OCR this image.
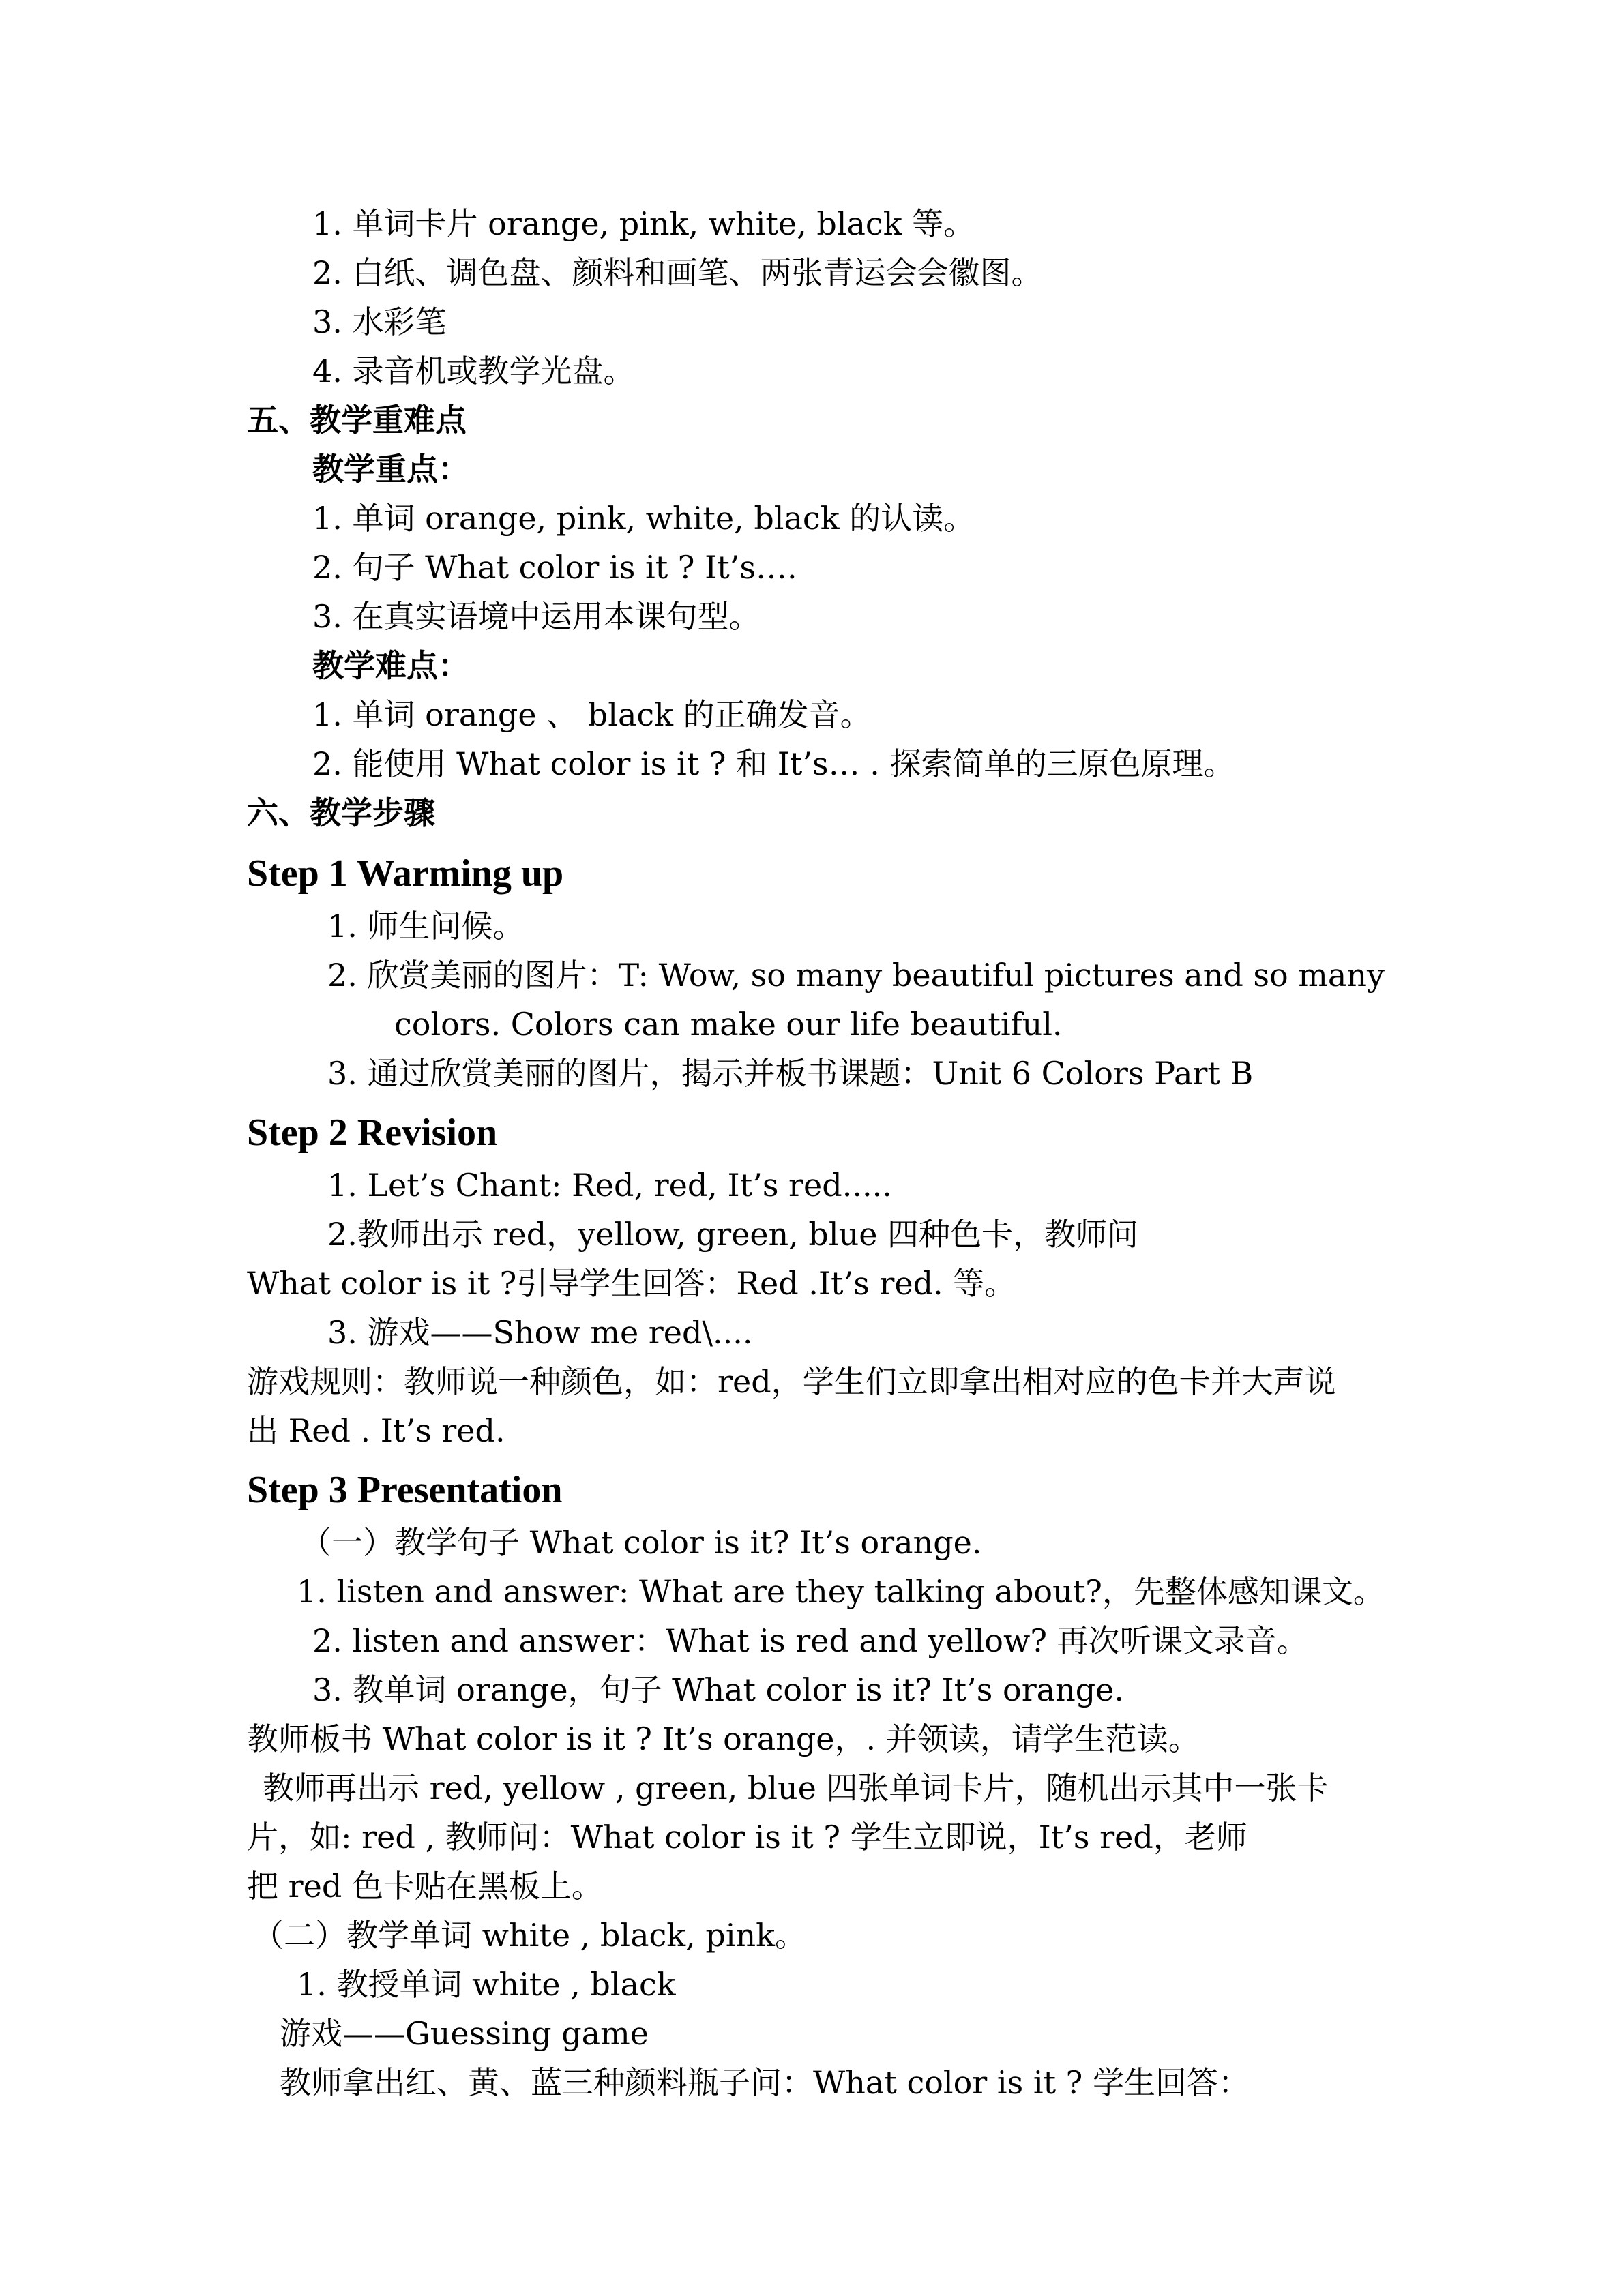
1. 单词卡片 orange, pink, white, black 等。
2. 白纸、调色盘、颜料和画笔、两张青运会会徽图。
3. 水彩笔
4. 录音机或教学光盘。
五、教学重难点
教学重点：
1. 单词 orange, pink, white, black 的认读。
2. 句子 What color is it ? It’s….
3. 在真实语境中运用本课句型。
教学难点：
1. 单词 orange 、 black 的正确发音。
2. 能使用 What color is it ? 和 It’s… . 探索简单的三原色原理。
六、教学步骤
Step 1 Warming up
1. 师生问候。
2. 欣赏美丽的图片：T: Wow, so many beautiful pictures and so many
colors. Colors can make our life beautiful.
3. 通过欣赏美丽的图片，揭示并板书课题：Unit 6 Colors Part B
Step 2 Revision
1. Let’s Chant: Red, red, It’s red.....
2.教师出示 red，yellow, green, blue 四种色卡，教师问
What color is it ?引导学生回答：Red .It’s red. 等。
3. 游戏——Show me red\....
游戏规则：教师说一种颜色，如：red，学生们立即拿出相对应的色卡并大声说
出 Red . It’s red.
Step 3 Presentation
（一）教学句子 What color is it? It’s orange.
1. listen and answer: What are they talking about?，先整体感知课文。
2. listen and answer：What is red and yellow? 再次听课文录音。
3. 教单词 orange，句子 What color is it? It’s orange.
教师板书 What color is it ? It’s orange，. 并领读，请学生范读。
教师再出示 red, yellow , green, blue 四张单词卡片，随机出示其中一张卡
片，如: red , 教师问：What color is it ? 学生立即说，It’s red，老师
把 red 色卡贴在黑板上。
（二）教学单词 white , black, pink。
1. 教授单词 white , black
游戏——Guessing game
教师拿出红、黄、蓝三种颜料瓶子问：What color is it ? 学生回答：
